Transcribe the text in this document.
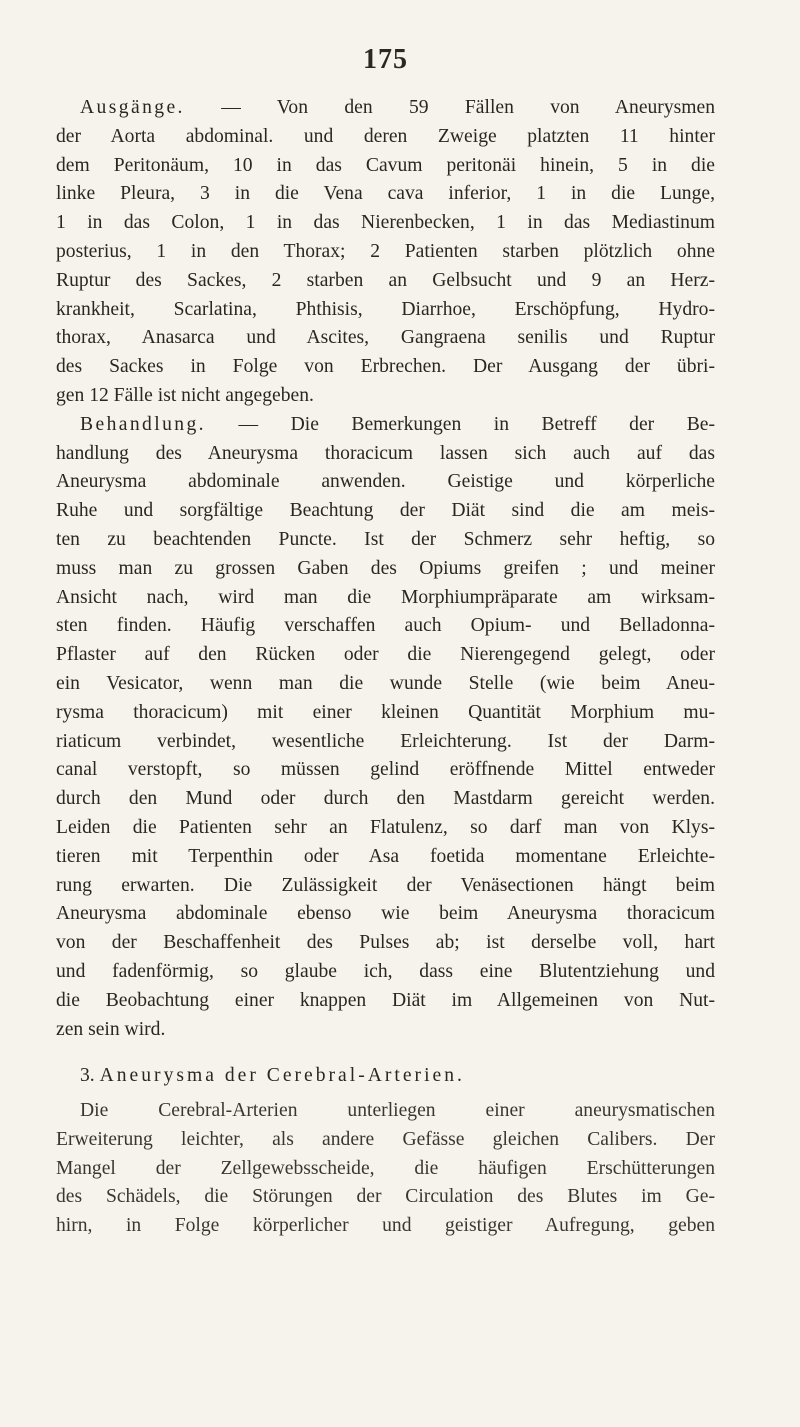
175
Ausgänge. — Von den 59 Fällen von Aneurysmen
der Aorta abdominal. und deren Zweige platzten 11 hinter
dem Peritonäum, 10 in das Cavum peritonäi hinein, 5 in die
linke Pleura, 3 in die Vena cava inferior, 1 in die Lunge,
1 in das Colon, 1 in das Nierenbecken, 1 in das Mediastinum
posterius, 1 in den Thorax; 2 Patienten starben plötzlich ohne
Ruptur des Sackes, 2 starben an Gelbsucht und 9 an Herz-
krankheit, Scarlatina, Phthisis, Diarrhoe, Erschöpfung, Hydro-
thorax, Anasarca und Ascites, Gangraena senilis und Ruptur
des Sackes in Folge von Erbrechen. Der Ausgang der übri-
gen 12 Fälle ist nicht angegeben.
Behandlung. — Die Bemerkungen in Betreff der Be-
handlung des Aneurysma thoracicum lassen sich auch auf das
Aneurysma abdominale anwenden. Geistige und körperliche
Ruhe und sorgfältige Beachtung der Diät sind die am meis-
ten zu beachtenden Puncte. Ist der Schmerz sehr heftig, so
muss man zu grossen Gaben des Opiums greifen ; und meiner
Ansicht nach, wird man die Morphiumpräparate am wirksam-
sten finden. Häufig verschaffen auch Opium- und Belladonna-
Pflaster auf den Rücken oder die Nierengegend gelegt, oder
ein Vesicator, wenn man die wunde Stelle (wie beim Aneu-
rysma thoracicum) mit einer kleinen Quantität Morphium mu-
riaticum verbindet, wesentliche Erleichterung. Ist der Darm-
canal verstopft, so müssen gelind eröffnende Mittel entweder
durch den Mund oder durch den Mastdarm gereicht werden.
Leiden die Patienten sehr an Flatulenz, so darf man von Klys-
tieren mit Terpenthin oder Asa foetida momentane Erleichte-
rung erwarten. Die Zulässigkeit der Venäsectionen hängt beim
Aneurysma abdominale ebenso wie beim Aneurysma thoracicum
von der Beschaffenheit des Pulses ab; ist derselbe voll, hart
und fadenförmig, so glaube ich, dass eine Blutentziehung und
die Beobachtung einer knappen Diät im Allgemeinen von Nut-
zen sein wird.
3. Aneurysma der Cerebral-Arterien.
Die Cerebral-Arterien unterliegen einer aneurysmatischen
Erweiterung leichter, als andere Gefässe gleichen Calibers. Der
Mangel der Zellgewebsscheide, die häufigen Erschütterungen
des Schädels, die Störungen der Circulation des Blutes im Ge-
hirn, in Folge körperlicher und geistiger Aufregung, geben
